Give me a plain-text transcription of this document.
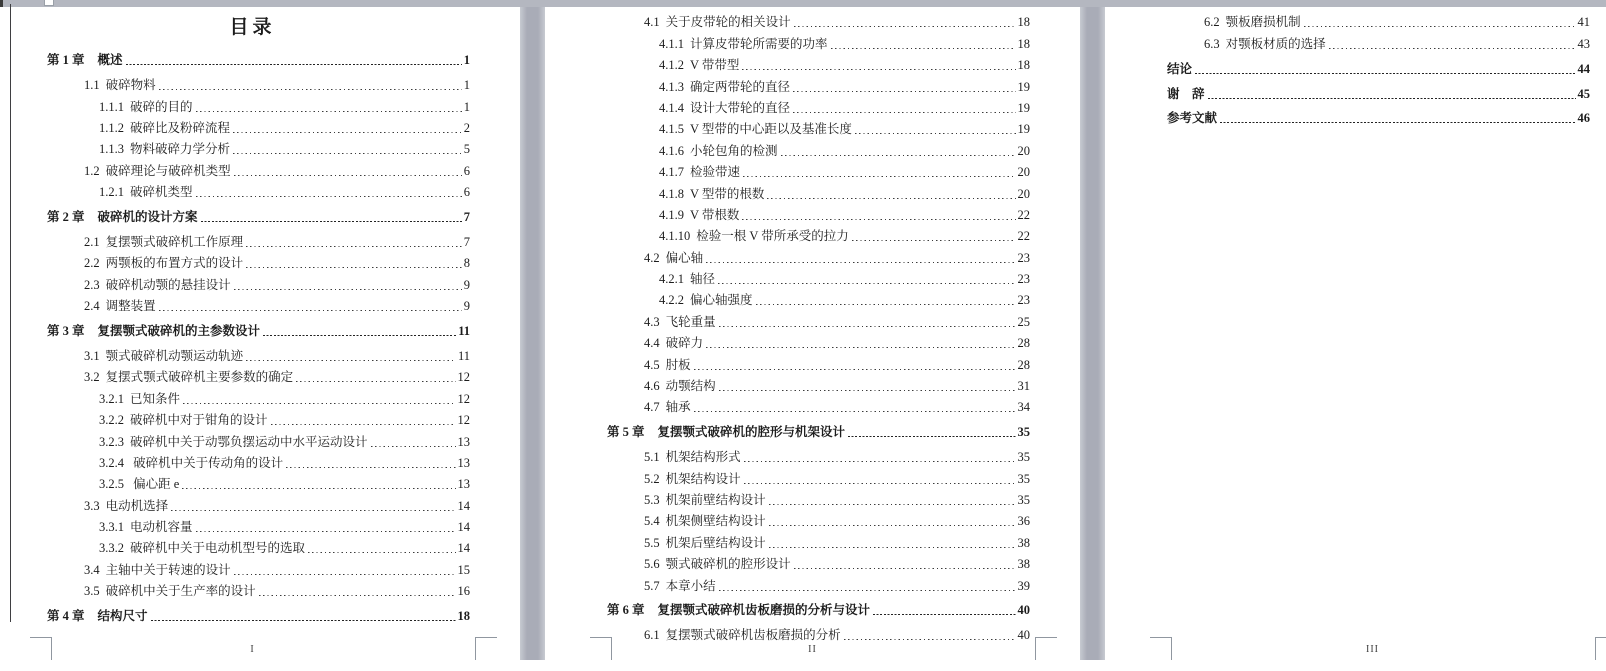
目录
第 1 章 概述	1
1.1 破碎物料	1
1.1.1 破碎的目的	1
1.1.2 破碎比及粉碎流程	2
1.1.3 物料破碎力学分析	5
1.2 破碎理论与破碎机类型	6
1.2.1 破碎机类型	6
第 2 章 破碎机的设计方案	7
2.1 复摆颚式破碎机工作原理	7
2.2 两颚板的布置方式的设计	8
2.3 破碎机动颚的悬挂设计	9
2.4 调整装置	9
第 3 章 复摆颚式破碎机的主参数设计	11
3.1 颚式破碎机动颚运动轨迹	11
3.2 复摆式颚式破碎机主要参数的确定	12
3.2.1 已知条件	12
3.2.2 破碎机中对于钳角的设计	12
3.2.3 破碎机中关于动鄂负摆运动中水平运动设计	13
3.2.4 破碎机中关于传动角的设计	13
3.2.5 偏心距 e	13
3.3 电动机选择	14
3.3.1 电动机容量	14
3.3.2 破碎机中关于电动机型号的选取	14
3.4 主轴中关于转速的设计	15
3.5 破碎机中关于生产率的设计	16
第 4 章 结构尺寸	18
I
4.1 关于皮带轮的相关设计	18
4.1.1 计算皮带轮所需要的功率	18
4.1.2 V 带带型	18
4.1.3 确定两带轮的直径	19
4.1.4 设计大带轮的直径	19
4.1.5 V 型带的中心距以及基准长度	19
4.1.6 小轮包角的检测	20
4.1.7 检验带速	20
4.1.8 V 型带的根数	20
4.1.9 V 带根数	22
4.1.10 检验一根 V 带所承受的拉力	22
4.2 偏心轴	23
4.2.1 轴径	23
4.2.2 偏心轴强度	23
4.3 飞轮重量	25
4.4 破碎力	28
4.5 肘板	28
4.6 动颚结构	31
4.7 轴承	34
第 5 章 复摆颚式破碎机的腔形与机架设计	35
5.1 机架结构形式	35
5.2 机架结构设计	35
5.3 机架前壁结构设计	35
5.4 机架侧壁结构设计	36
5.5 机架后壁结构设计	38
5.6 颚式破碎机的腔形设计	38
5.7 本章小结	39
第 6 章 复摆颚式破碎机齿板磨损的分析与设计	40
6.1 复摆颚式破碎机齿板磨损的分析	40
II
6.2 颚板磨损机制	41
6.3 对颚板材质的选择	43
结论	44
谢　辞	45
参考文献	46
III
